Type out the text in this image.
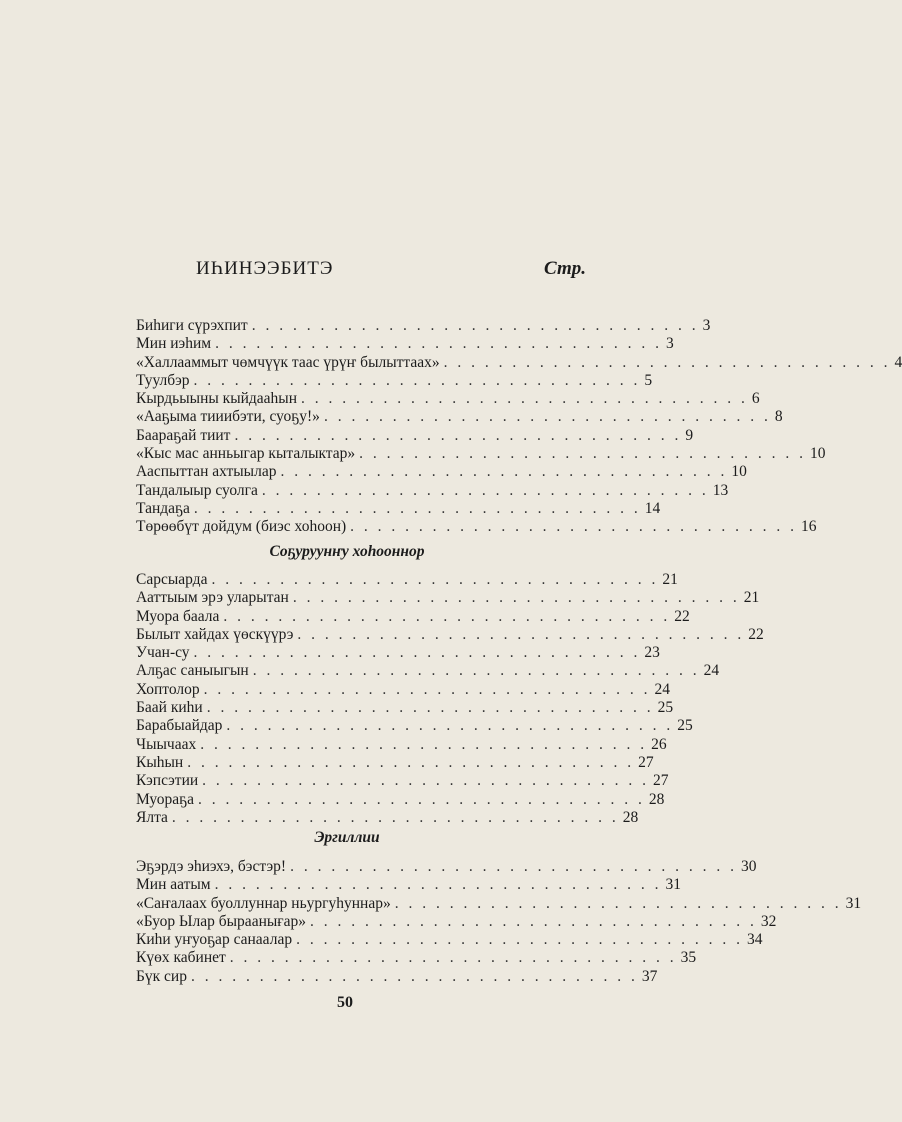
ИҺИНЭЭБИТЭ	Стр.
Биһиги сүрэхпит . . . . . . . . . . . . . . . . . . . . . . . . . . . . . . . . . 3
Мин иэһим . . . . . . . . . . . . . . . . . . . . . . . . . . . . . . . . . 3
«Халлааммыт чөмчүүк таас үрүҥ былыттаах» . . . . . . . . . . . . . . . . . . . . . . . . . . . . . . . . . 4
Туулбэр . . . . . . . . . . . . . . . . . . . . . . . . . . . . . . . . . 5
Кырдьыыны кыйдааһын . . . . . . . . . . . . . . . . . . . . . . . . . . . . . . . . . 6
«Ааҕыма тииибэти, суоҕу!» . . . . . . . . . . . . . . . . . . . . . . . . . . . . . . . . . 8
Баараҕай тиит . . . . . . . . . . . . . . . . . . . . . . . . . . . . . . . . . 9
«Кыс мас анньыгар кыталыктар» . . . . . . . . . . . . . . . . . . . . . . . . . . . . . . . . . 10
Ааспыттан ахтыылар . . . . . . . . . . . . . . . . . . . . . . . . . . . . . . . . . 10
Тандалыыр суолга . . . . . . . . . . . . . . . . . . . . . . . . . . . . . . . . . 13
Тандаҕа . . . . . . . . . . . . . . . . . . . . . . . . . . . . . . . . . 14
Төрөөбүт дойдум (биэс хоһоон) . . . . . . . . . . . . . . . . . . . . . . . . . . . . . . . . . 16
Соҕуруунҥу хоһооннор
Сарсыарда . . . . . . . . . . . . . . . . . . . . . . . . . . . . . . . . . 21
Ааттыым эрэ уларытан . . . . . . . . . . . . . . . . . . . . . . . . . . . . . . . . . 21
Муора баала . . . . . . . . . . . . . . . . . . . . . . . . . . . . . . . . . 22
Былыт хайдах үөскүүрэ . . . . . . . . . . . . . . . . . . . . . . . . . . . . . . . . . 22
Учан-су . . . . . . . . . . . . . . . . . . . . . . . . . . . . . . . . . 23
Алҕас саныыгын . . . . . . . . . . . . . . . . . . . . . . . . . . . . . . . . . 24
Хоптолор . . . . . . . . . . . . . . . . . . . . . . . . . . . . . . . . . 24
Баай киһи . . . . . . . . . . . . . . . . . . . . . . . . . . . . . . . . . 25
Барабыайдар . . . . . . . . . . . . . . . . . . . . . . . . . . . . . . . . . 25
Чыычаах . . . . . . . . . . . . . . . . . . . . . . . . . . . . . . . . . 26
Кыһын . . . . . . . . . . . . . . . . . . . . . . . . . . . . . . . . . 27
Кэпсэтии . . . . . . . . . . . . . . . . . . . . . . . . . . . . . . . . . 27
Муораҕа . . . . . . . . . . . . . . . . . . . . . . . . . . . . . . . . . 28
Ялта . . . . . . . . . . . . . . . . . . . . . . . . . . . . . . . . . 28
Эргиллии
Эҕэрдэ эһиэхэ, бэстэр! . . . . . . . . . . . . . . . . . . . . . . . . . . . . . . . . . 30
Мин аатым . . . . . . . . . . . . . . . . . . . . . . . . . . . . . . . . . 31
«Саҥалаах буоллуннар ньургуһуннар» . . . . . . . . . . . . . . . . . . . . . . . . . . . . . . . . . 31
«Буор Ылар быраанығар» . . . . . . . . . . . . . . . . . . . . . . . . . . . . . . . . . 32
Киһи уҥуоҕар санаалар . . . . . . . . . . . . . . . . . . . . . . . . . . . . . . . . . 34
Күөх кабинет . . . . . . . . . . . . . . . . . . . . . . . . . . . . . . . . . 35
Бүк сир . . . . . . . . . . . . . . . . . . . . . . . . . . . . . . . . . 37
50
